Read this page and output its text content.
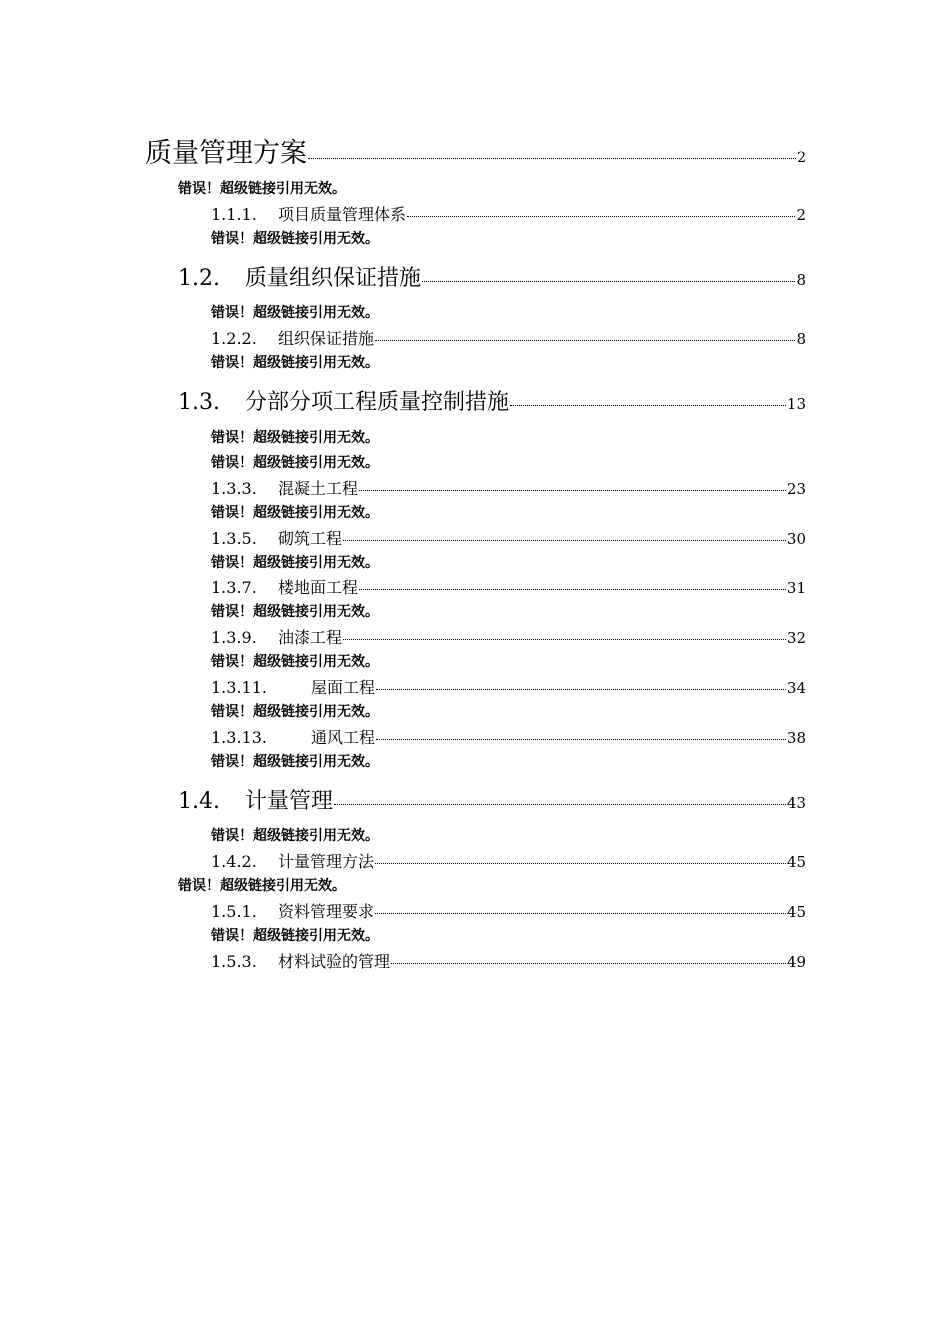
质量管理方案	2
错误！超级链接引用无效。
1.1.1.	项目质量管理体系	2
错误！超级链接引用无效。
1.2.	质量组织保证措施	8
错误！超级链接引用无效。
1.2.2.	组织保证措施	8
错误！超级链接引用无效。
1.3.	分部分项工程质量控制措施	13
错误！超级链接引用无效。
错误！超级链接引用无效。
1.3.3.	混凝土工程	23
错误！超级链接引用无效。
1.3.5.	砌筑工程	30
错误！超级链接引用无效。
1.3.7.	楼地面工程	31
错误！超级链接引用无效。
1.3.9.	油漆工程	32
错误！超级链接引用无效。
1.3.11.	屋面工程	34
错误！超级链接引用无效。
1.3.13.	通风工程	38
错误！超级链接引用无效。
1.4.	计量管理	43
错误！超级链接引用无效。
1.4.2.	计量管理方法	45
错误！超级链接引用无效。
1.5.1.	资料管理要求	45
错误！超级链接引用无效。
1.5.3.	材料试验的管理	49
